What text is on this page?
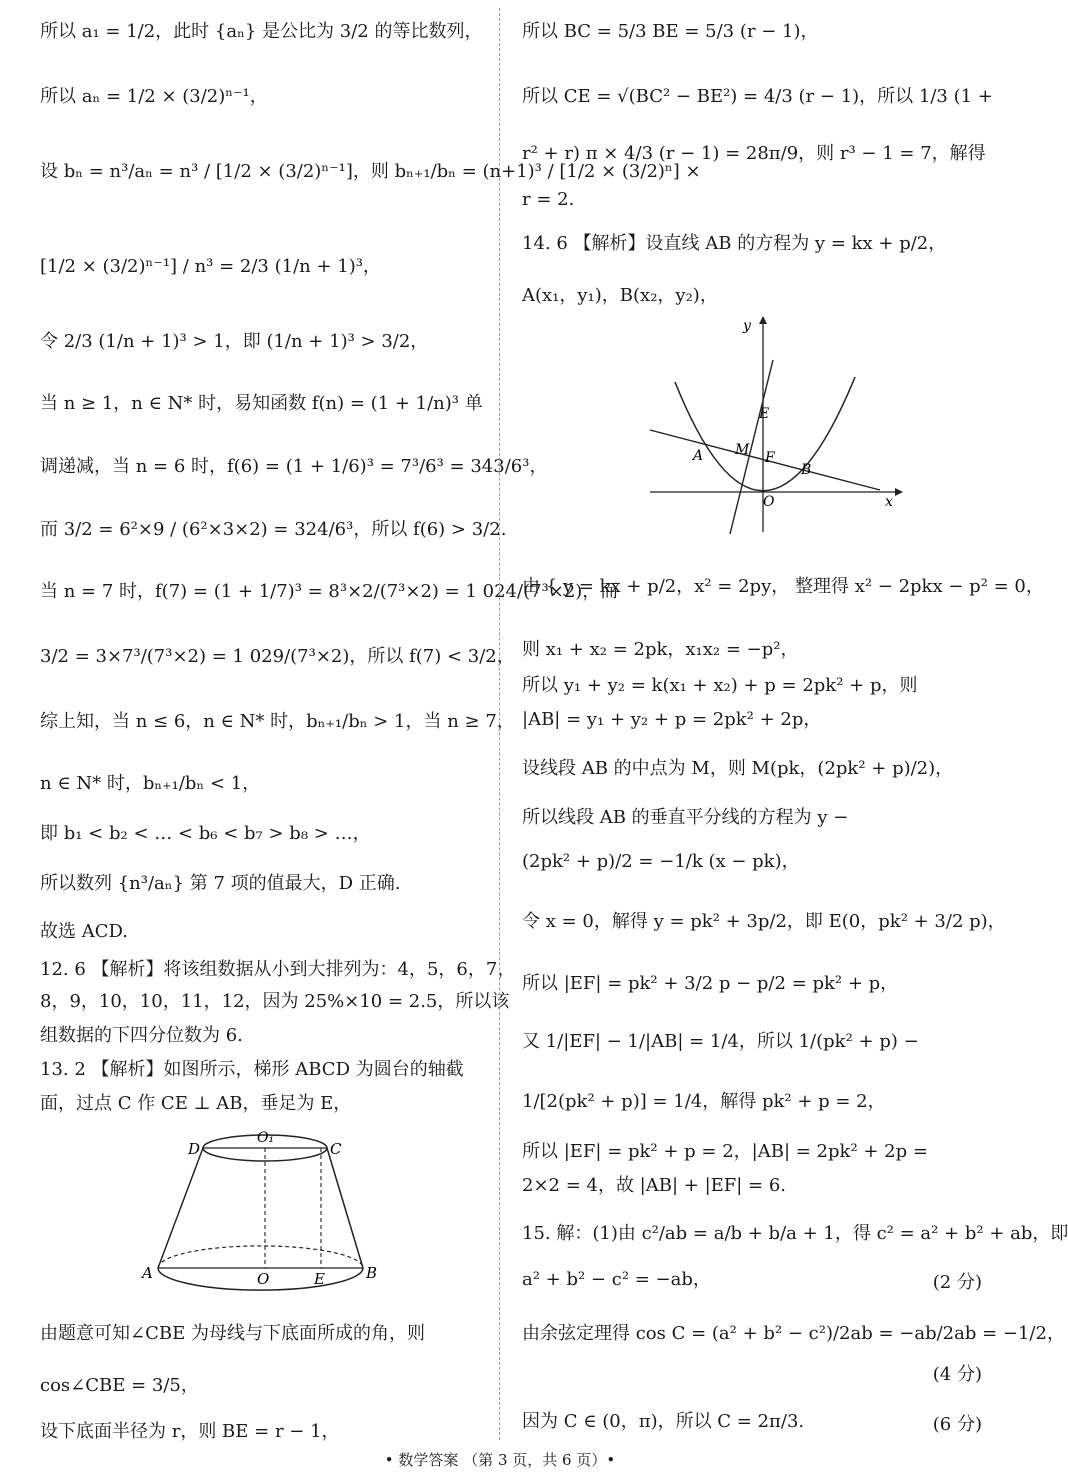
所以 a₁ = 1/2，此时 {aₙ} 是公比为 3/2 的等比数列，
所以 aₙ = 1/2 × (3/2)ⁿ⁻¹，
设 bₙ = n³/aₙ = n³ / [1/2 × (3/2)ⁿ⁻¹]，则 bₙ₊₁/bₙ = (n+1)³ / [1/2 × (3/2)ⁿ] ×
[1/2 × (3/2)ⁿ⁻¹] / n³ = 2/3 (1/n + 1)³，
令 2/3 (1/n + 1)³ > 1，即 (1/n + 1)³ > 3/2，
当 n ≥ 1，n ∈ N* 时，易知函数 f(n) = (1 + 1/n)³ 单
调递减，当 n = 6 时，f(6) = (1 + 1/6)³ = 7³/6³ = 343/6³，
而 3/2 = 6²×9 / (6²×3×2) = 324/6³，所以 f(6) > 3/2.
当 n = 7 时，f(7) = (1 + 1/7)³ = 8³×2/(7³×2) = 1 024/(7³×2)，而
3/2 = 3×7³/(7³×2) = 1 029/(7³×2)，所以 f(7) < 3/2，
综上知，当 n ≤ 6，n ∈ N* 时，bₙ₊₁/bₙ > 1，当 n ≥ 7，
n ∈ N* 时，bₙ₊₁/bₙ < 1，
即 b₁ < b₂ < … < b₆ < b₇ > b₈ > …，
所以数列 {n³/aₙ} 第 7 项的值最大，D 正确.
故选 ACD.
12. 6 【解析】将该组数据从小到大排列为：4，5，6，7，
8，9，10，10，11，12，因为 25%×10 = 2.5，所以该
组数据的下四分位数为 6.
13. 2 【解析】如图所示，梯形 ABCD 为圆台的轴截
面，过点 C 作 CE ⊥ AB，垂足为 E，
由题意可知∠CBE 为母线与下底面所成的角，则
cos∠CBE = 3/5，
设下底面半径为 r，则 BE = r − 1，
所以 BC = 5/3 BE = 5/3 (r − 1)，
所以 CE = √(BC² − BE²) = 4/3 (r − 1)，所以 1/3 (1 +
r² + r) π × 4/3 (r − 1) = 28π/9，则 r³ − 1 = 7，解得
r = 2.
14. 6 【解析】设直线 AB 的方程为 y = kx + p/2，
A(x₁，y₁)，B(x₂，y₂)，
由 { y = kx + p/2，x² = 2py， 整理得 x² − 2pkx − p² = 0，
则 x₁ + x₂ = 2pk，x₁x₂ = −p²，
所以 y₁ + y₂ = k(x₁ + x₂) + p = 2pk² + p，则
|AB| = y₁ + y₂ + p = 2pk² + 2p，
设线段 AB 的中点为 M，则 M(pk，(2pk² + p)/2)，
所以线段 AB 的垂直平分线的方程为 y −
(2pk² + p)/2 = −1/k (x − pk)，
令 x = 0，解得 y = pk² + 3p/2，即 E(0，pk² + 3/2 p)，
所以 |EF| = pk² + 3/2 p − p/2 = pk² + p，
又 1/|EF| − 1/|AB| = 1/4，所以 1/(pk² + p) −
1/[2(pk² + p)] = 1/4，解得 pk² + p = 2，
所以 |EF| = pk² + p = 2，|AB| = 2pk² + 2p =
2×2 = 4，故 |AB| + |EF| = 6.
15. 解：(1)由 c²/ab = a/b + b/a + 1，得 c² = a² + b² + ab，即
a² + b² − c² = −ab，	(2 分)
由余弦定理得 cos C = (a² + b² − c²)/2ab = −ab/2ab = −1/2，
(4 分)
因为 C ∈ (0，π)，所以 C = 2π/3.	(6 分)
D
O₁
C
A	O	E	B
y
x
E
M F
A
B
O
• 数学答案 （第 3 页，共 6 页）•
